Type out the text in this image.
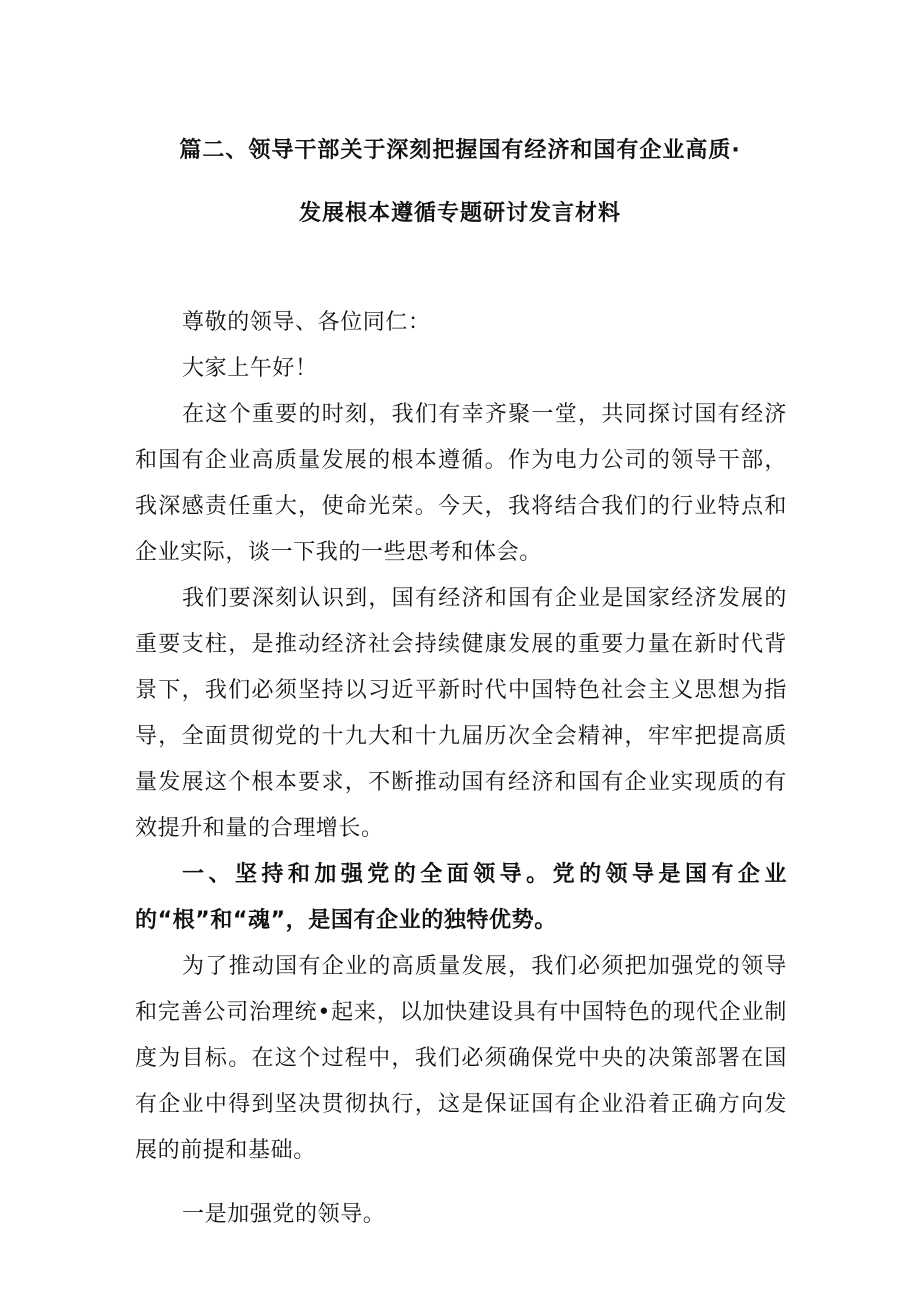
篇二、领导干部关于深刻把握国有经济和国有企业高质·
发展根本遵循专题研讨发言材料

尊敬的领导、各位同仁：

大家上午好！

在这个重要的时刻，我们有幸齐聚一堂，共同探讨国有经济和国有企业高质量发展的根本遵循。作为电力公司的领导干部，我深感责任重大，使命光荣。今天，我将结合我们的行业特点和企业实际，谈一下我的一些思考和体会。

我们要深刻认识到，国有经济和国有企业是国家经济发展的重要支柱，是推动经济社会持续健康发展的重要力量在新时代背景下，我们必须坚持以习近平新时代中国特色社会主义思想为指导，全面贯彻党的十九大和十九届历次全会精神，牢牢把提高质量发展这个根本要求，不断推动国有经济和国有企业实现质的有效提升和量的合理增长。

一、坚持和加强党的全面领导。党的领导是国有企业的“根”和“魂”，是国有企业的独特优势。

为了推动国有企业的高质量发展，我们必须把加强党的领导和完善公司治理统•起来，以加快建设具有中国特色的现代企业制度为目标。在这个过程中，我们必须确保党中央的决策部署在国有企业中得到坚决贯彻执行，这是保证国有企业沿着正确方向发展的前提和基础。

一是加强党的领导。
